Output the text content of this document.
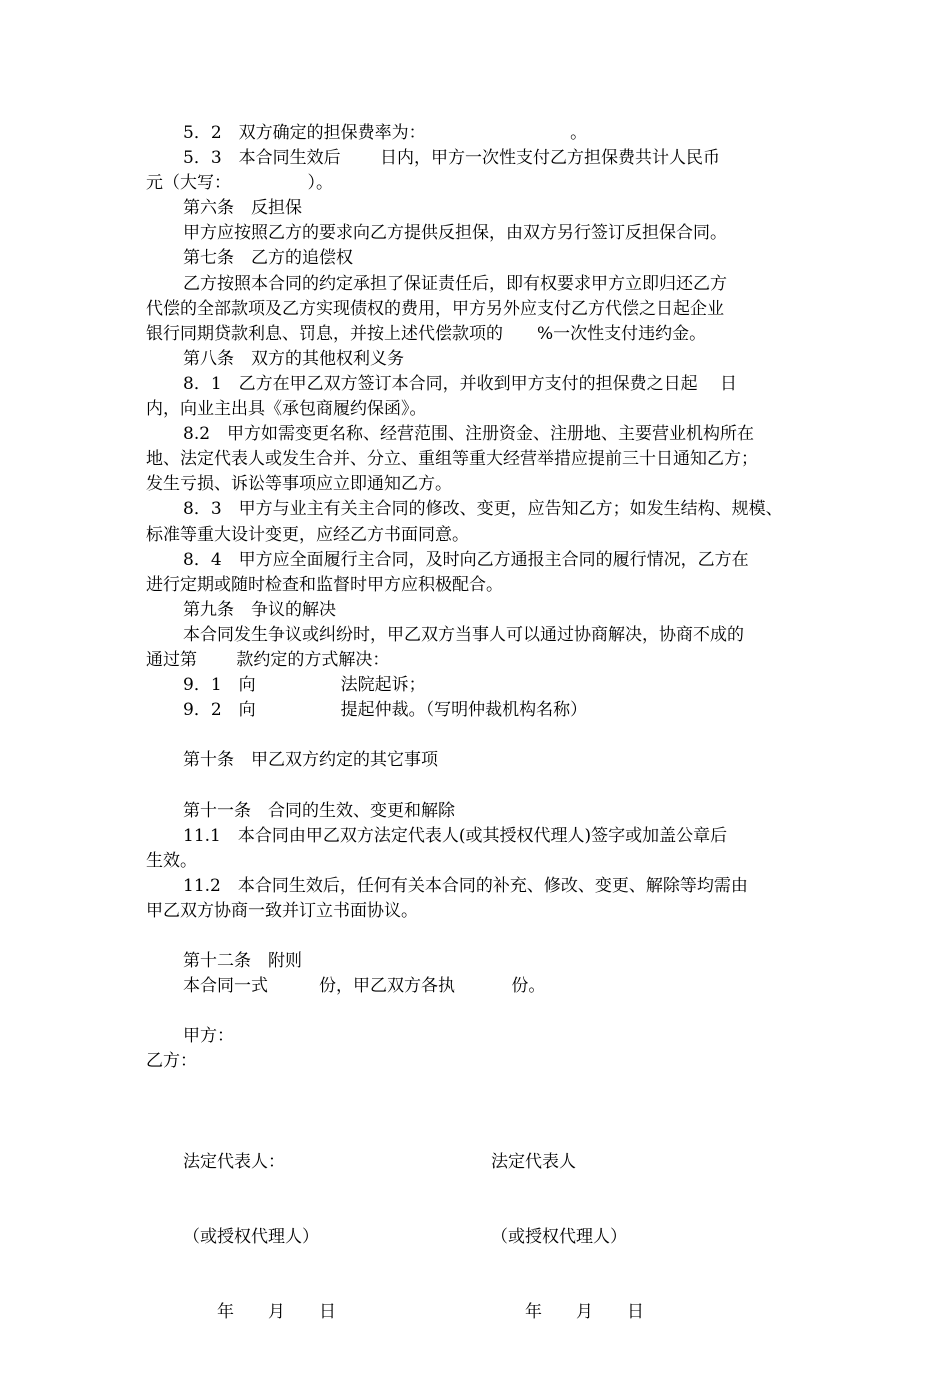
5．2　双方确定的担保费率为：　　　　　　　　　。
5．3　本合同生效后　　 日内，甲方一次性支付乙方担保费共计人民币
元（大写：　　　　　）。
第六条　反担保
甲方应按照乙方的要求向乙方提供反担保，由双方另行签订反担保合同。
第七条　乙方的追偿权
乙方按照本合同的约定承担了保证责任后，即有权要求甲方立即归还乙方
代偿的全部款项及乙方实现债权的费用，甲方另外应支付乙方代偿之日起企业
银行同期贷款利息、罚息，并按上述代偿款项的　　%一次性支付违约金。
第八条　双方的其他权利义务
8．1　乙方在甲乙双方签订本合同，并收到甲方支付的担保费之日起　 日
内，向业主出具《承包商履约保函》。
8.2　甲方如需变更名称、经营范围、注册资金、注册地、主要营业机构所在
地、法定代表人或发生合并、分立、重组等重大经营举措应提前三十日通知乙方；
发生亏损、诉讼等事项应立即通知乙方。
8．3　甲方与业主有关主合同的修改、变更，应告知乙方；如发生结构、规模、
标准等重大设计变更，应经乙方书面同意。
8．4　甲方应全面履行主合同，及时向乙方通报主合同的履行情况，乙方在
进行定期或随时检查和监督时甲方应积极配合。
第九条　争议的解决
本合同发生争议或纠纷时，甲乙双方当事人可以通过协商解决，协商不成的
通过第　　 款约定的方式解决：
9．1　向　　　　　法院起诉；
9．2　向　　　　　提起仲裁。（写明仲裁机构名称）
第十条　甲乙双方约定的其它事项
第十一条　合同的生效、变更和解除
11.1　本合同由甲乙双方法定代表人(或其授权代理人)签字或加盖公章后
生效。
11.2　本合同生效后，任何有关本合同的补充、修改、变更、解除等均需由
甲乙双方协商一致并订立书面协议。
第十二条　附则
本合同一式　　　份，甲乙双方各执　　　 份。
甲方：
乙方：

法定代表人：

（或授权代理人）

　　年　　月　　日

法定代表人

（或授权代理人）

　　年　　月　　日
